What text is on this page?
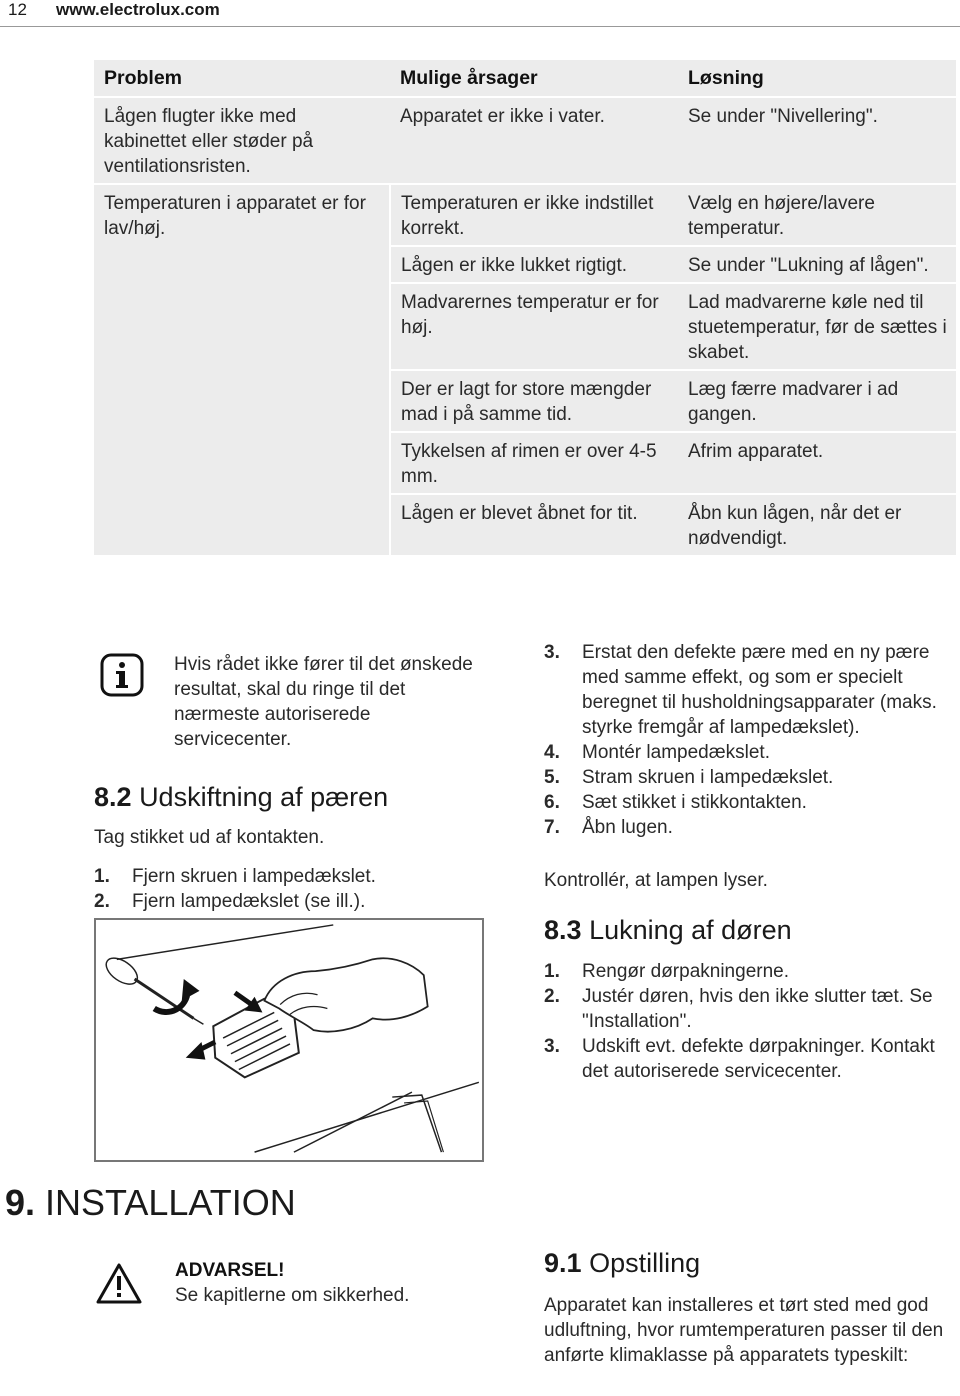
12 www.electrolux.com
Problem	Mulige årsager	Løsning
Lågen flugter ikke med kabinettet eller støder på ventilationsristen.	Apparatet er ikke i vater.	Se under "Nivellering".
Temperaturen i apparatet er for lav/høj.	Temperaturen er ikke indstillet korrekt.	Vælg en højere/lavere temperatur.
	Lågen er ikke lukket rigtigt.	Se under "Lukning af lågen".
	Madvarernes temperatur er for høj.	Lad madvarerne køle ned til stuetemperatur, før de sættes i skabet.
	Der er lagt for store mængder mad i på samme tid.	Læg færre madvarer i ad gangen.
	Tykkelsen af rimen er over 4-5 mm.	Afrim apparatet.
	Lågen er blevet åbnet for tit.	Åbn kun lågen, når det er nødvendigt.
Hvis rådet ikke fører til det ønskede resultat, skal du ringe til det nærmeste autoriserede servicecenter.
8.2 Udskiftning af pæren
Tag stikket ud af kontakten.
1. Fjern skruen i lampedækslet.
2. Fjern lampedækslet (se ill.).
3. Erstat den defekte pære med en ny pære med samme effekt, og som er specielt beregnet til husholdningsapparater (maks. styrke fremgår af lampedækslet).
4. Montér lampedækslet.
5. Stram skruen i lampedækslet.
6. Sæt stikket i stikkontakten.
7. Åbn lugen.
Kontrollér, at lampen lyser.
8.3 Lukning af døren
1. Rengør dørpakningerne.
2. Justér døren, hvis den ikke slutter tæt. Se "Installation".
3. Udskift evt. defekte dørpakninger. Kontakt det autoriserede servicecenter.
9. INSTALLATION
ADVARSEL!
Se kapitlerne om sikkerhed.
9.1 Opstilling
Apparatet kan installeres et tørt sted med god udluftning, hvor rumtemperaturen passer til den anførte klimaklasse på apparatets typeskilt:
